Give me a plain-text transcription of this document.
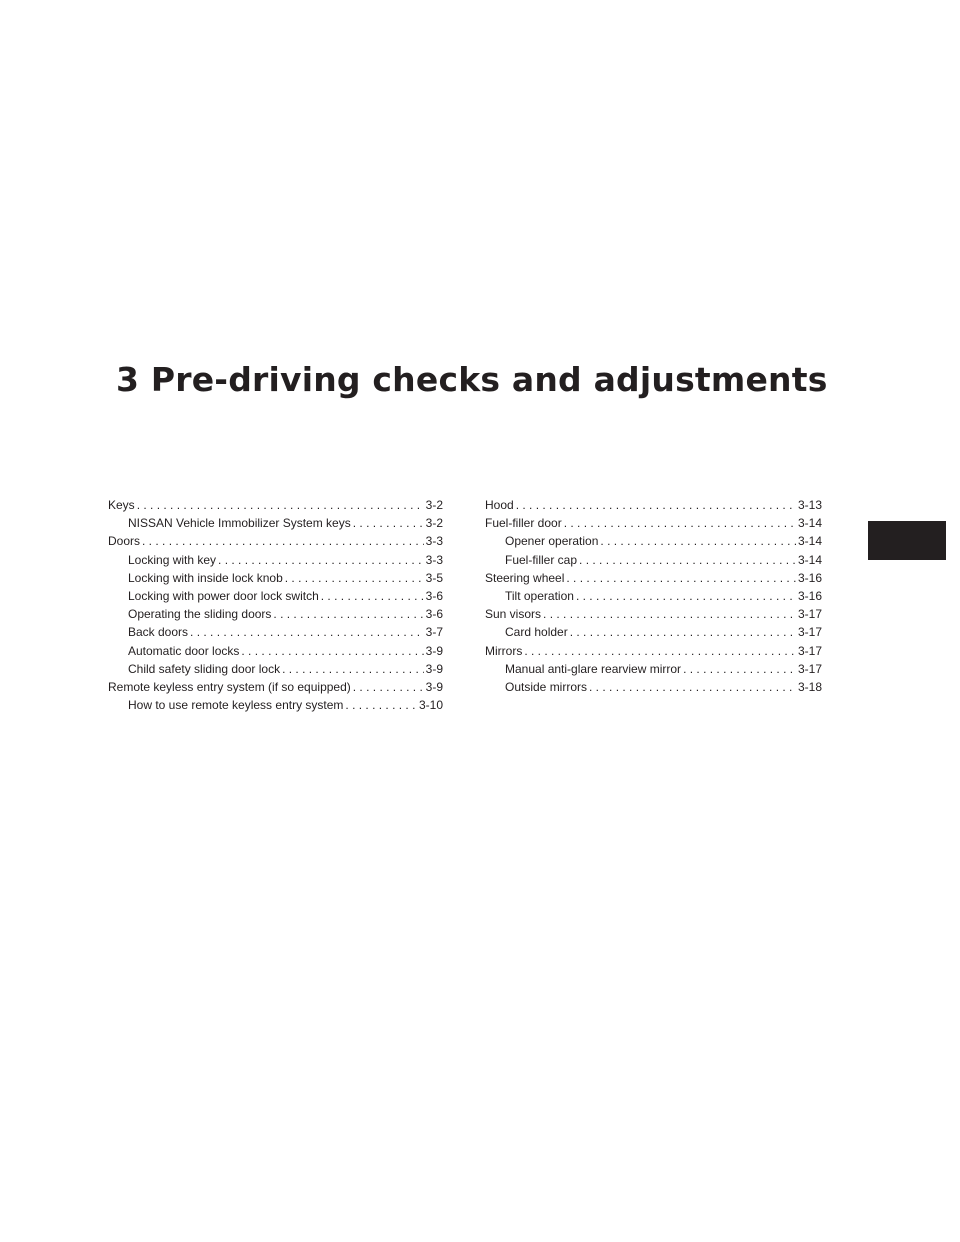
3 Pre-driving checks and adjustments
Keys . . .	3-2
NISSAN Vehicle Immobilizer System keys . . .	3-2
Doors . . .	3-3
Locking with key . . .	3-3
Locking with inside lock knob . . .	3-5
Locking with power door lock switch . . .	3-6
Operating the sliding doors . . .	3-6
Back doors . . .	3-7
Automatic door locks . . .	3-9
Child safety sliding door lock . . .	3-9
Remote keyless entry system (if so equipped) . . .	3-9
How to use remote keyless entry system . . .	3-10
Hood . . .	3-13
Fuel-filler door . . .	3-14
Opener operation . . .	3-14
Fuel-filler cap . . .	3-14
Steering wheel . . .	3-16
Tilt operation . . .	3-16
Sun visors . . .	3-17
Card holder . . .	3-17
Mirrors . . .	3-17
Manual anti-glare rearview mirror . . .	3-17
Outside mirrors . . .	3-18
